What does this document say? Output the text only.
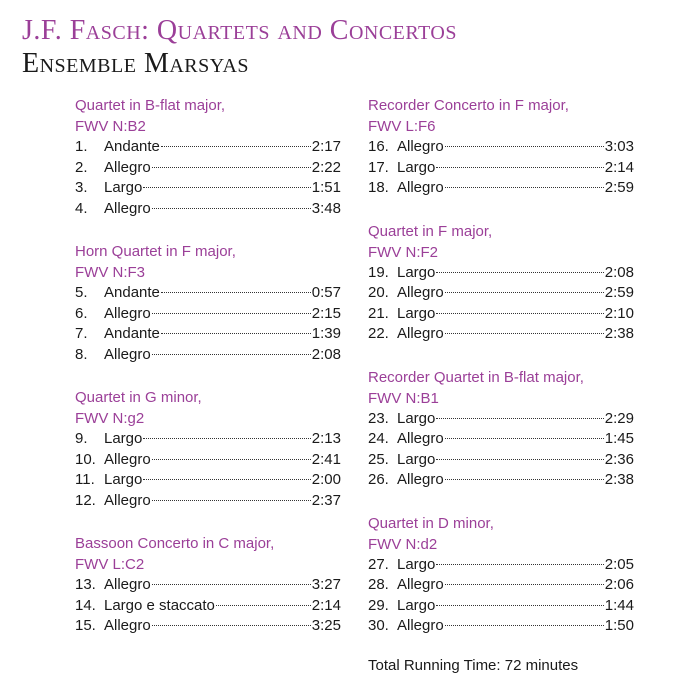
J.F. Fasch: Quartets and Concertos
Ensemble Marsyas
Quartet in B-flat major,
FWV N:B2
1.	Andante	2:17
2.	Allegro	2:22
3.	Largo	1:51
4.	Allegro	3:48
Horn Quartet in F major,
FWV N:F3
5.	Andante	0:57
6.	Allegro	2:15
7.	Andante	1:39
8.	Allegro	2:08
Quartet in G minor,
FWV N:g2
9.	Largo	2:13
10. Allegro	2:41
11. Largo	2:00
12. Allegro	2:37
Bassoon Concerto in C major,
FWV L:C2
13. Allegro	3:27
14. Largo e staccato	2:14
15. Allegro	3:25
Recorder Concerto in F major,
FWV L:F6
16. Allegro	3:03
17. Largo	2:14
18. Allegro	2:59
Quartet in F major,
FWV N:F2
19. Largo	2:08
20. Allegro	2:59
21. Largo	2:10
22. Allegro	2:38
Recorder Quartet in B-flat major,
FWV N:B1
23. Largo	2:29
24. Allegro	1:45
25. Largo	2:36
26. Allegro	2:38
Quartet in D minor,
FWV N:d2
27. Largo	2:05
28. Allegro	2:06
29. Largo	1:44
30. Allegro	1:50
Total Running Time: 72 minutes
